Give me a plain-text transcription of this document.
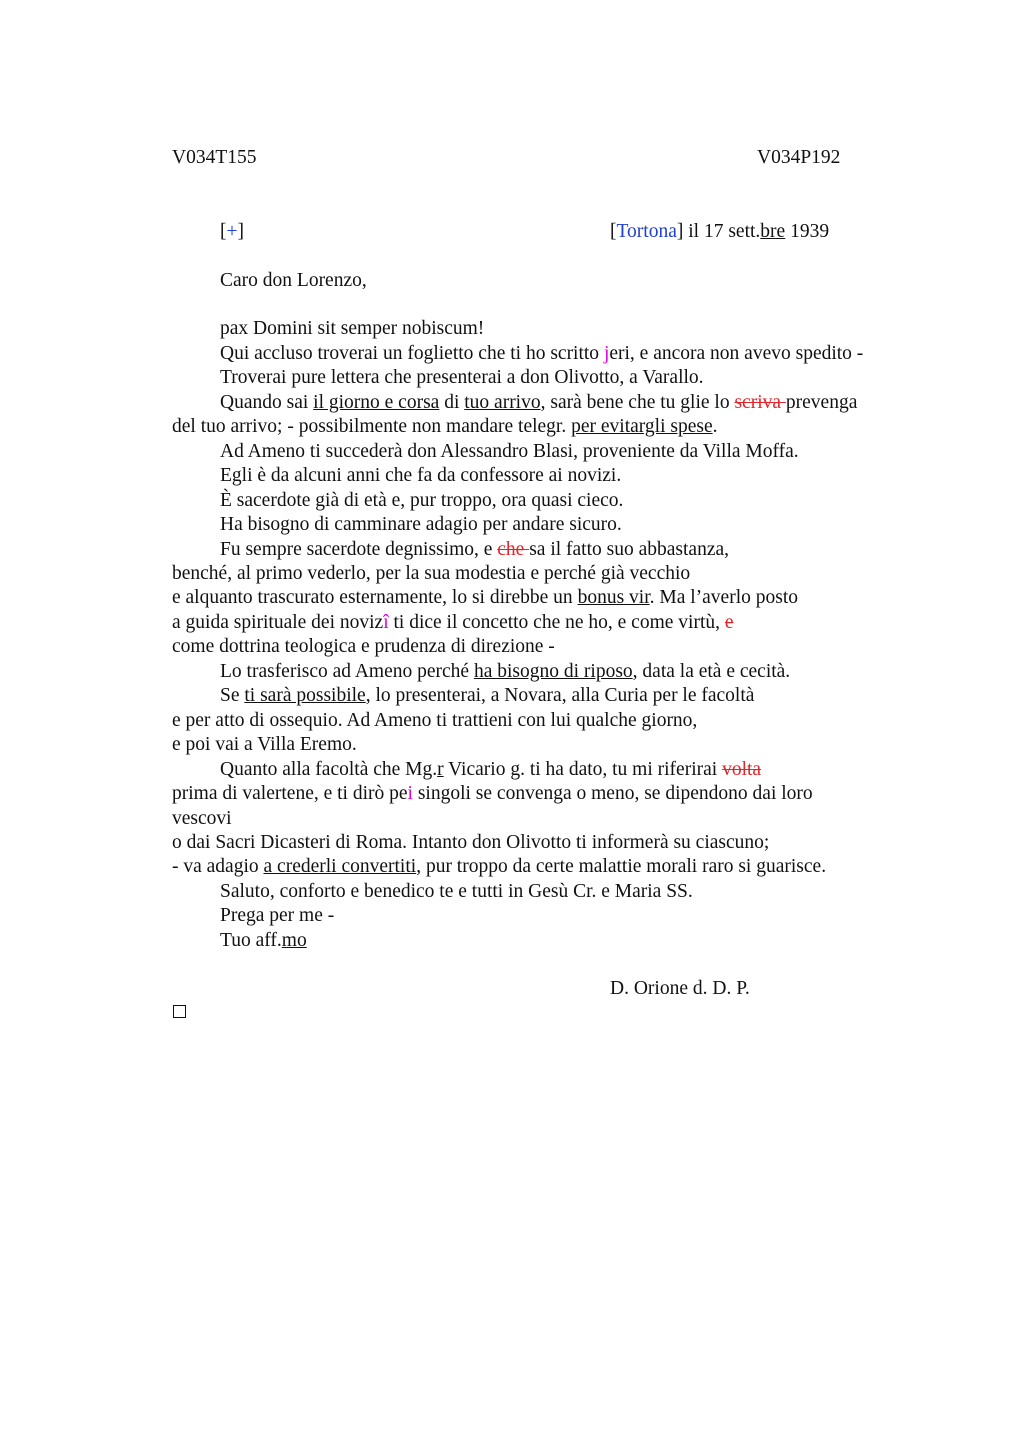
V034T155	V034P192
[+]	[Tortona] il 17 sett.bre 1939
Caro don Lorenzo,
pax Domini sit semper nobiscum!
Qui accluso troverai un foglietto che ti ho scritto jeri, e ancora non avevo spedito -
Troverai pure lettera che presenterai a don Olivotto, a Varallo.
Quando sai il giorno e corsa di tuo arrivo, sarà bene che tu glie lo scriva prevenga
del tuo arrivo; - possibilmente non mandare telegr. per evitargli spese.
Ad Ameno ti succederà don Alessandro Blasi, proveniente da Villa Moffa.
Egli è da alcuni anni che fa da confessore ai novizi.
È sacerdote già di età e, pur troppo, ora quasi cieco.
Ha bisogno di camminare adagio per andare sicuro.
Fu sempre sacerdote degnissimo, e che sa il fatto suo abbastanza,
benché, al primo vederlo, per la sua modestia e perché già vecchio
e alquanto trascurato esternamente, lo si direbbe un bonus vir. Ma l’averlo posto
a guida spirituale dei novizî ti dice il concetto che ne ho, e come virtù, e
come dottrina teologica e prudenza di direzione -
Lo trasferisco ad Ameno perché ha bisogno di riposo, data la età e cecità.
Se ti sarà possibile, lo presenterai, a Novara, alla Curia per le facoltà
e per atto di ossequio. Ad Ameno ti trattieni con lui qualche giorno,
e poi vai a Villa Eremo.
Quanto alla facoltà che Mg.r Vicario g. ti ha dato, tu mi riferirai volta
prima di valertene, e ti dirò pei singoli se convenga o meno, se dipendono dai loro
vescovi
o dai Sacri Dicasteri di Roma. Intanto don Olivotto ti informerà su ciascuno;
- va adagio a crederli convertiti, pur troppo da certe malattie morali raro si guarisce.
Saluto, conforto e benedico te e tutti in Gesù Cr. e Maria SS.
Prega per me -
Tuo aff.mo
D. Orione d. D. P.
